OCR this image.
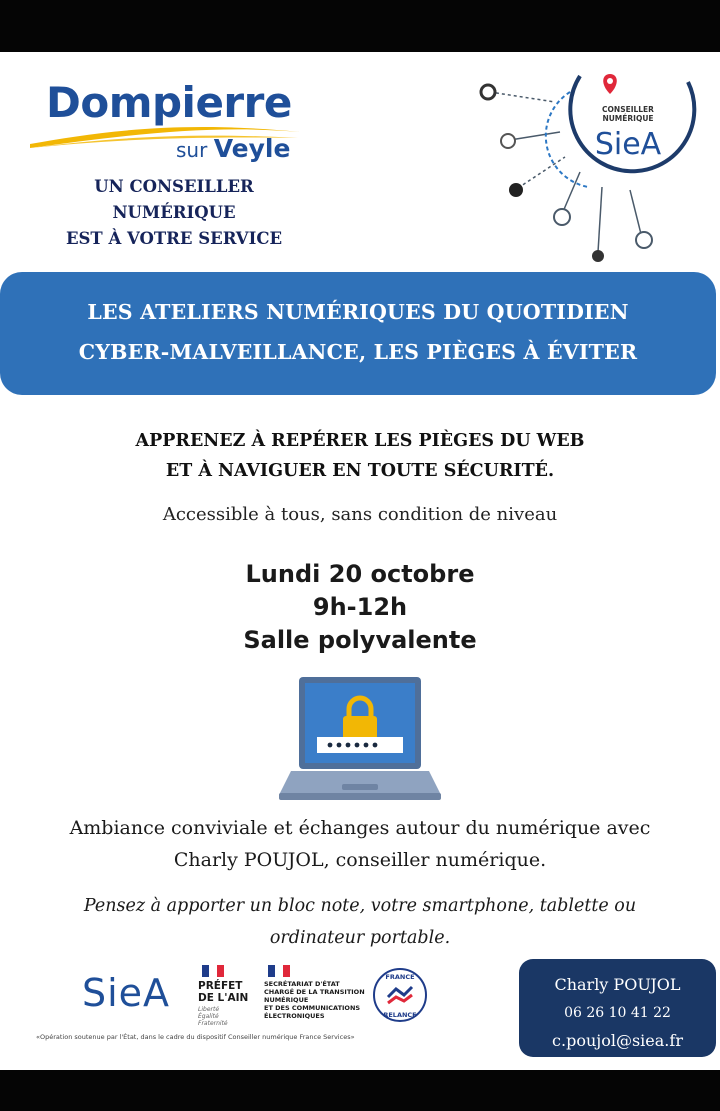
Dompierre
sur Veyle
UN CONSEILLER NUMÉRIQUE
EST À VOTRE SERVICE
CONSEILLER
NUMÉRIQUE
SieA
LES ATELIERS NUMÉRIQUES DU QUOTIDIEN
CYBER-MALVEILLANCE, LES PIÈGES À ÉVITER
APPRENEZ À REPÉRER LES PIÈGES DU WEB
ET À NAVIGUER EN TOUTE SÉCURITÉ.
Accessible à tous, sans condition de niveau
Lundi 20 octobre
9h-12h
Salle polyvalente
Ambiance conviviale et échanges autour du numérique avec
Charly POUJOL, conseiller numérique.
Pensez à apporter un bloc note, votre smartphone, tablette ou
ordinateur portable.
SieA	PRÉFET
DE L'AIN
Liberté
Égalité
Fraternité
SECRÉTARIAT D'ÉTAT
CHARGÉ DE LA TRANSITION
NUMÉRIQUE
ET DES COMMUNICATIONS
ÉLECTRONIQUES
FRANCE
RELANCE
«Opération soutenue par l'État, dans le cadre du dispositif Conseiller numérique France Services»
Charly POUJOL
06 26 10 41 22
c.poujol@siea.fr
